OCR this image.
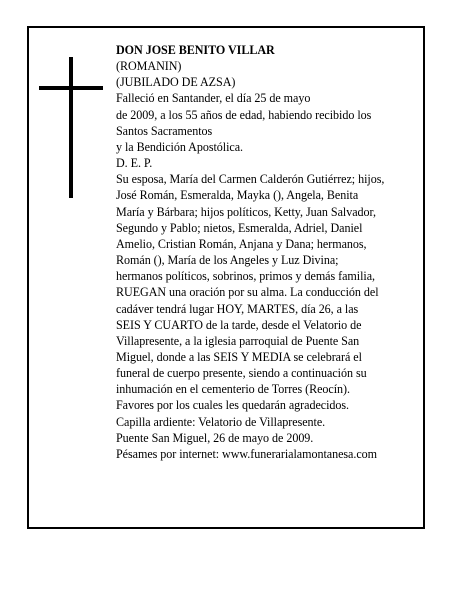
DON JOSE BENITO VILLAR
(ROMANIN)
(JUBILADO DE AZSA)
Falleció en Santander, el día 25 de mayo
de 2009, a los 55 años de edad, habiendo recibido los
Santos Sacramentos
y la Bendición Apostólica.
D. E. P.
Su esposa, María del Carmen Calderón Gutiérrez; hijos,
José Román, Esmeralda, Mayka (), Angela, Benita
María y Bárbara; hijos políticos, Ketty, Juan Salvador,
Segundo y Pablo; nietos, Esmeralda, Adriel, Daniel
Amelio, Cristian Román, Anjana y Dana; hermanos,
Román (), María de los Angeles y Luz Divina;
hermanos políticos, sobrinos, primos y demás familia,
RUEGAN una oración por su alma. La conducción del
cadáver tendrá lugar HOY, MARTES, día 26, a las
SEIS Y CUARTO de la tarde, desde el Velatorio de
Villapresente, a la iglesia parroquial de Puente San
Miguel, donde a las SEIS Y MEDIA se celebrará el
funeral de cuerpo presente, siendo a continuación su
inhumación en el cementerio de Torres (Reocín).
Favores por los cuales les quedarán agradecidos.
Capilla ardiente: Velatorio de Villapresente.
Puente San Miguel, 26 de mayo de 2009.
Pésames por internet: www.funerarialamontanesa.com
